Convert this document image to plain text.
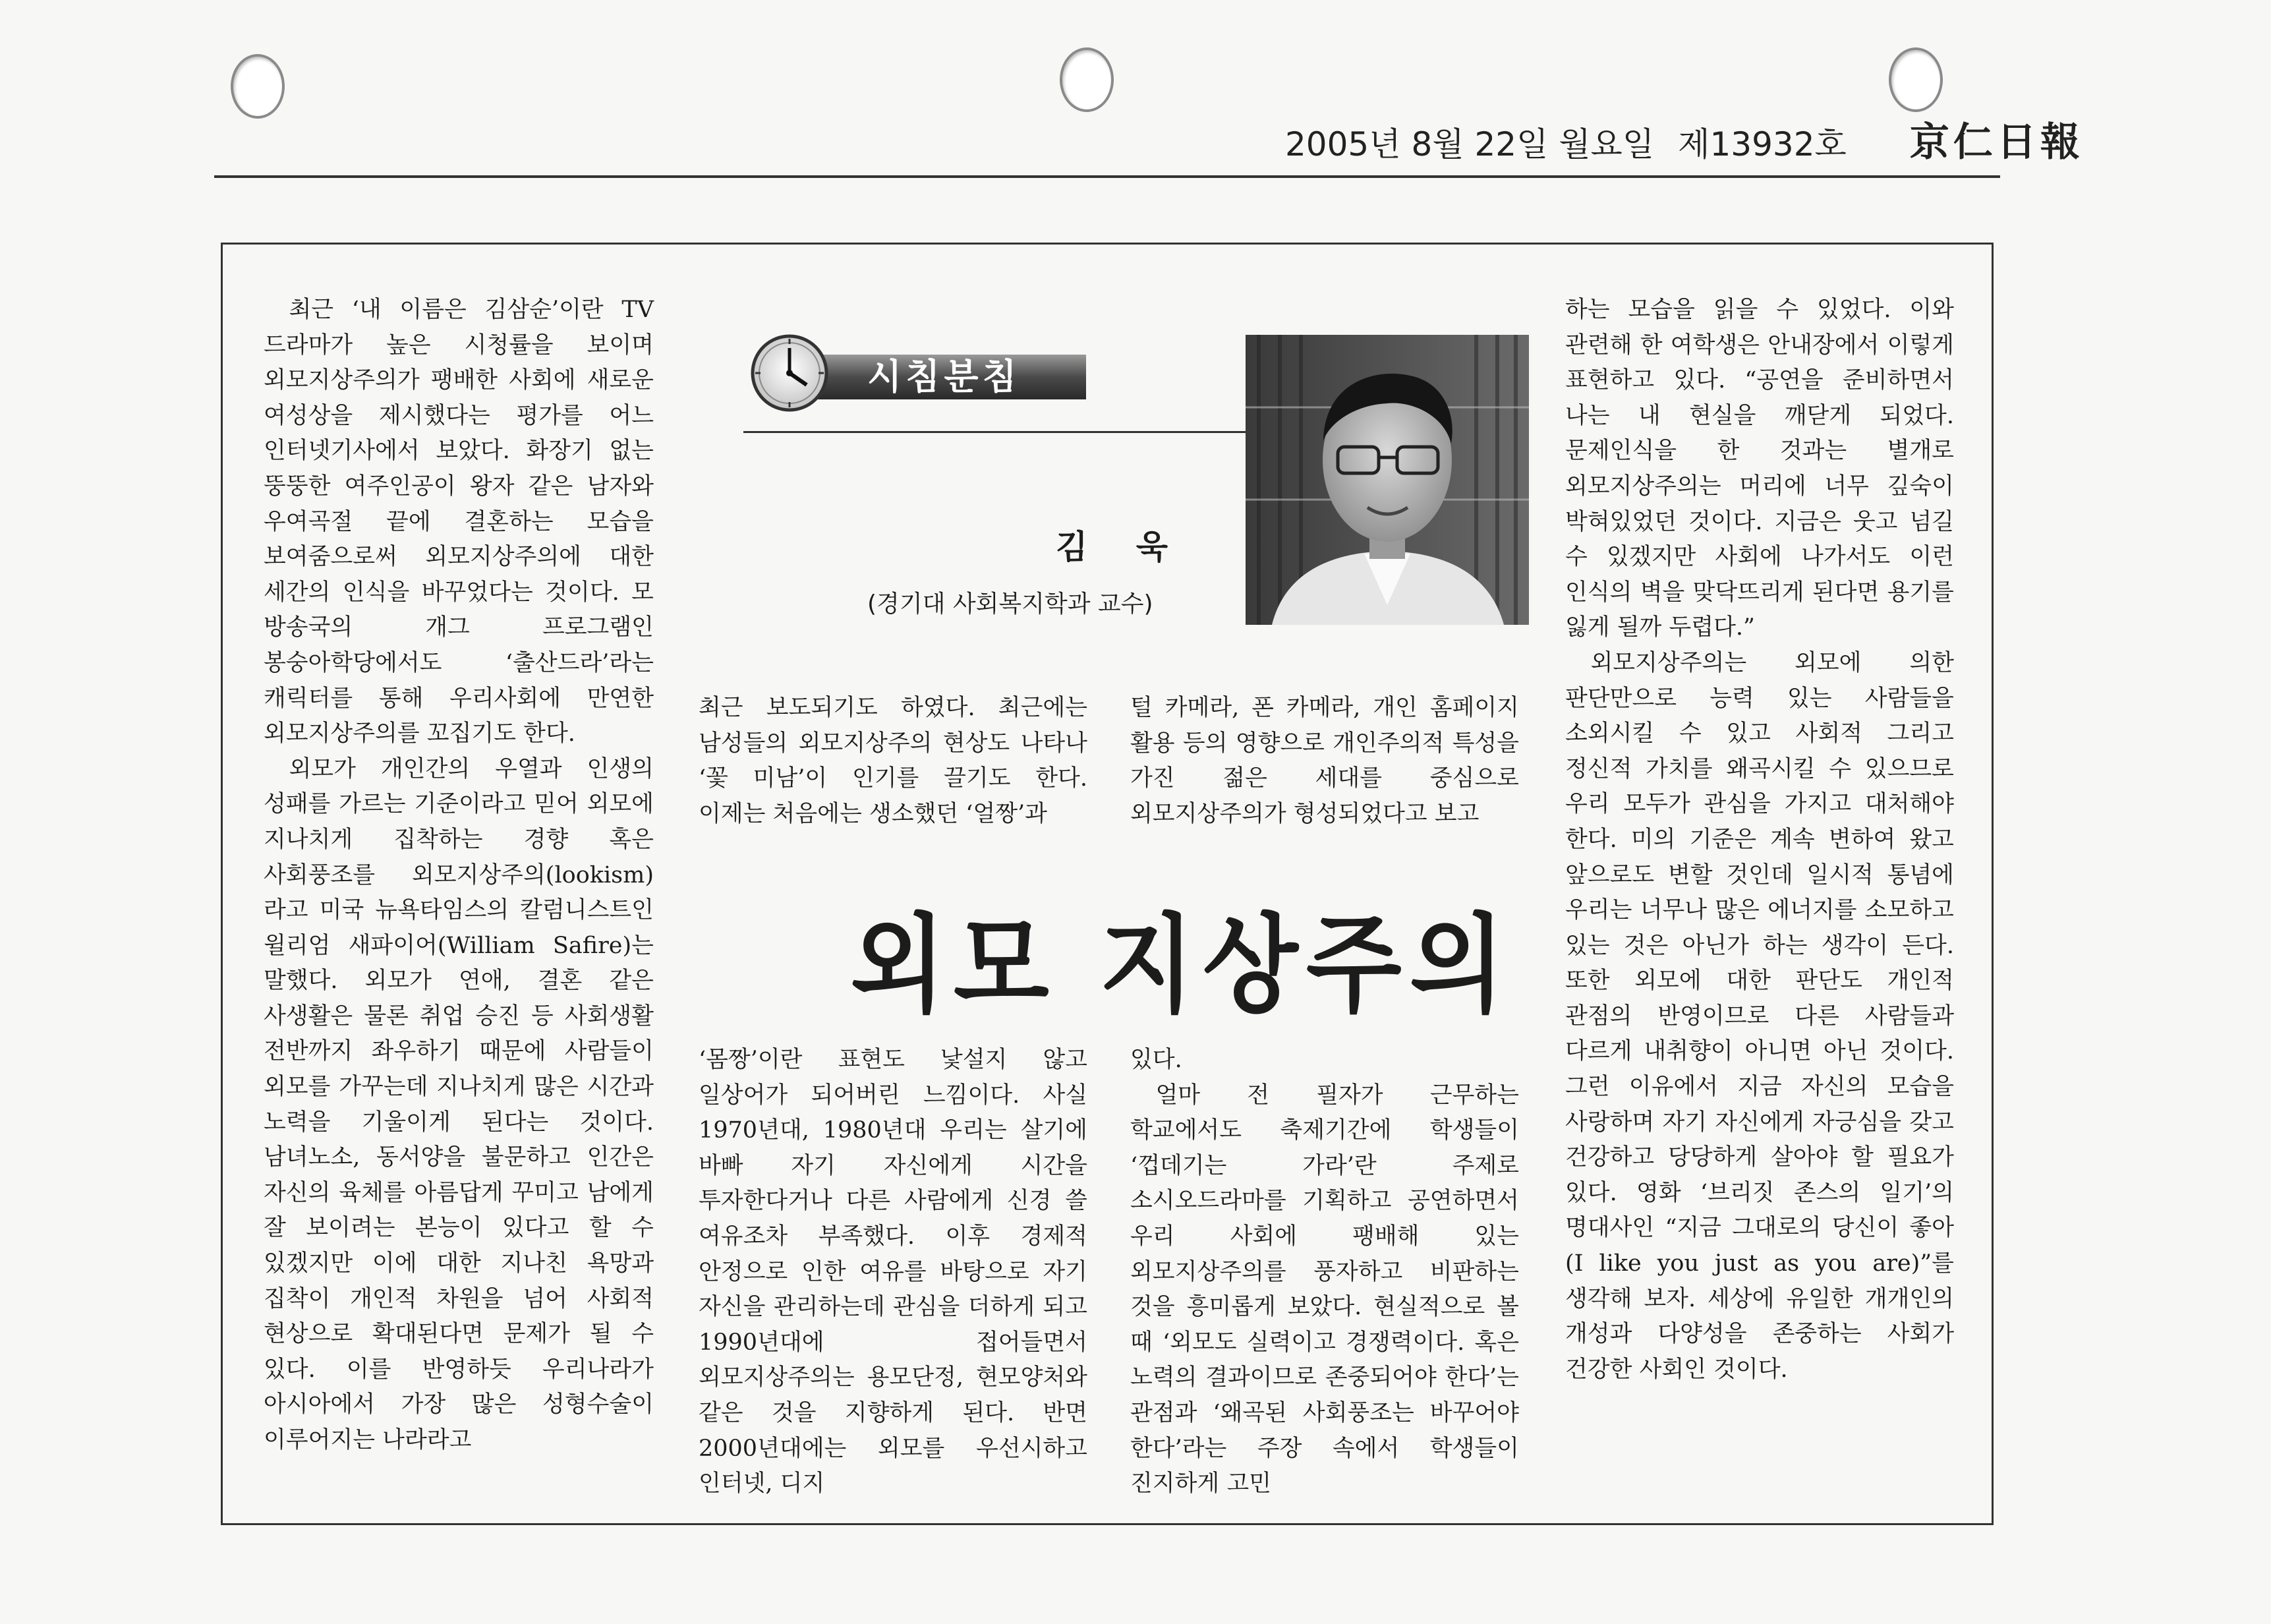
2005년 8월 22일 월요일 제13932호 京仁日報
시침분침
김 욱
(경기대 사회복지학과 교수)
외모 지상주의

최근 ‘내 이름은 김삼순’이란 TV 드라마가 높은 시청률을 보이며 외모지상주의가 팽배한 사회에 새로운 여성상을 제시했다는 평가를 어느 인터넷기사에서 보았다. 화장기 없는 뚱뚱한 여주인공이 왕자 같은 남자와 우여곡절 끝에 결혼하는 모습을 보여줌으로써 외모지상주의에 대한 세간의 인식을 바꾸었다는 것이다. 모 방송국의 개그 프로그램인 봉숭아학당에서도 ‘출산드라’라는 캐릭터를 통해 우리사회에 만연한 외모지상주의를 꼬집기도 한다.

외모가 개인간의 우열과 인생의 성패를 가르는 기준이라고 믿어 외모에 지나치게 집착하는 경향 혹은 사회풍조를 외모지상주의(lookism)라고 미국 뉴욕타임스의 칼럼니스트인 윌리엄 새파이어(William Safire)는 말했다. 외모가 연애, 결혼 같은 사생활은 물론 취업 승진 등 사회생활 전반까지 좌우하기 때문에 사람들이 외모를 가꾸는데 지나치게 많은 시간과 노력을 기울이게 된다는 것이다. 남녀노소, 동서양을 불문하고 인간은 자신의 육체를 아름답게 꾸미고 남에게 잘 보이려는 본능이 있다고 할 수 있겠지만 이에 대한 지나친 욕망과 집착이 개인적 차원을 넘어 사회적 현상으로 확대된다면 문제가 될 수 있다. 이를 반영하듯 우리나라가 아시아에서 가장 많은 성형수술이 이루어지는 나라라고

최근 보도되기도 하였다. 최근에는 남성들의 외모지상주의 현상도 나타나 ‘꽃 미남’이 인기를 끌기도 한다. 이제는 처음에는 생소했던 ‘얼짱’과

털 카메라, 폰 카메라, 개인 홈페이지 활용 등의 영향으로 개인주의적 특성을 가진 젊은 세대를 중심으로 외모지상주의가 형성되었다고 보고

‘몸짱’이란 표현도 낯설지 않고 일상어가 되어버린 느낌이다. 사실 1970년대, 1980년대 우리는 살기에 바빠 자기 자신에게 시간을 투자한다거나 다른 사람에게 신경 쓸 여유조차 부족했다. 이후 경제적 안정으로 인한 여유를 바탕으로 자기 자신을 관리하는데 관심을 더하게 되고 1990년대에 접어들면서 외모지상주의는 용모단정, 현모양처와 같은 것을 지향하게 된다. 반면 2000년대에는 외모를 우선시하고 인터넷, 디지

있다.

얼마 전 필자가 근무하는 학교에서도 축제기간에 학생들이 ‘껍데기는 가라’란 주제로 소시오드라마를 기획하고 공연하면서 우리 사회에 팽배해 있는 외모지상주의를 풍자하고 비판하는 것을 흥미롭게 보았다. 현실적으로 볼 때 ‘외모도 실력이고 경쟁력이다. 혹은 노력의 결과이므로 존중되어야 한다’는 관점과 ‘왜곡된 사회풍조는 바꾸어야 한다’라는 주장 속에서 학생들이 진지하게 고민

하는 모습을 읽을 수 있었다. 이와 관련해 한 여학생은 안내장에서 이렇게 표현하고 있다. “공연을 준비하면서 나는 내 현실을 깨닫게 되었다. 문제인식을 한 것과는 별개로 외모지상주의는 머리에 너무 깊숙이 박혀있었던 것이다. 지금은 웃고 넘길 수 있겠지만 사회에 나가서도 이런 인식의 벽을 맞닥뜨리게 된다면 용기를 잃게 될까 두렵다.”

외모지상주의는 외모에 의한 판단만으로 능력 있는 사람들을 소외시킬 수 있고 사회적 그리고 정신적 가치를 왜곡시킬 수 있으므로 우리 모두가 관심을 가지고 대처해야 한다. 미의 기준은 계속 변하여 왔고 앞으로도 변할 것인데 일시적 통념에 우리는 너무나 많은 에너지를 소모하고 있는 것은 아닌가 하는 생각이 든다. 또한 외모에 대한 판단도 개인적 관점의 반영이므로 다른 사람들과 다르게 내취향이 아니면 아닌 것이다. 그런 이유에서 지금 자신의 모습을 사랑하며 자기 자신에게 자긍심을 갖고 건강하고 당당하게 살아야 할 필요가 있다. 영화 ‘브리짓 존스의 일기’의 명대사인 “지금 그대로의 당신이 좋아(I like you just as you are)”를 생각해 보자. 세상에 유일한 개개인의 개성과 다양성을 존중하는 사회가 건강한 사회인 것이다.
